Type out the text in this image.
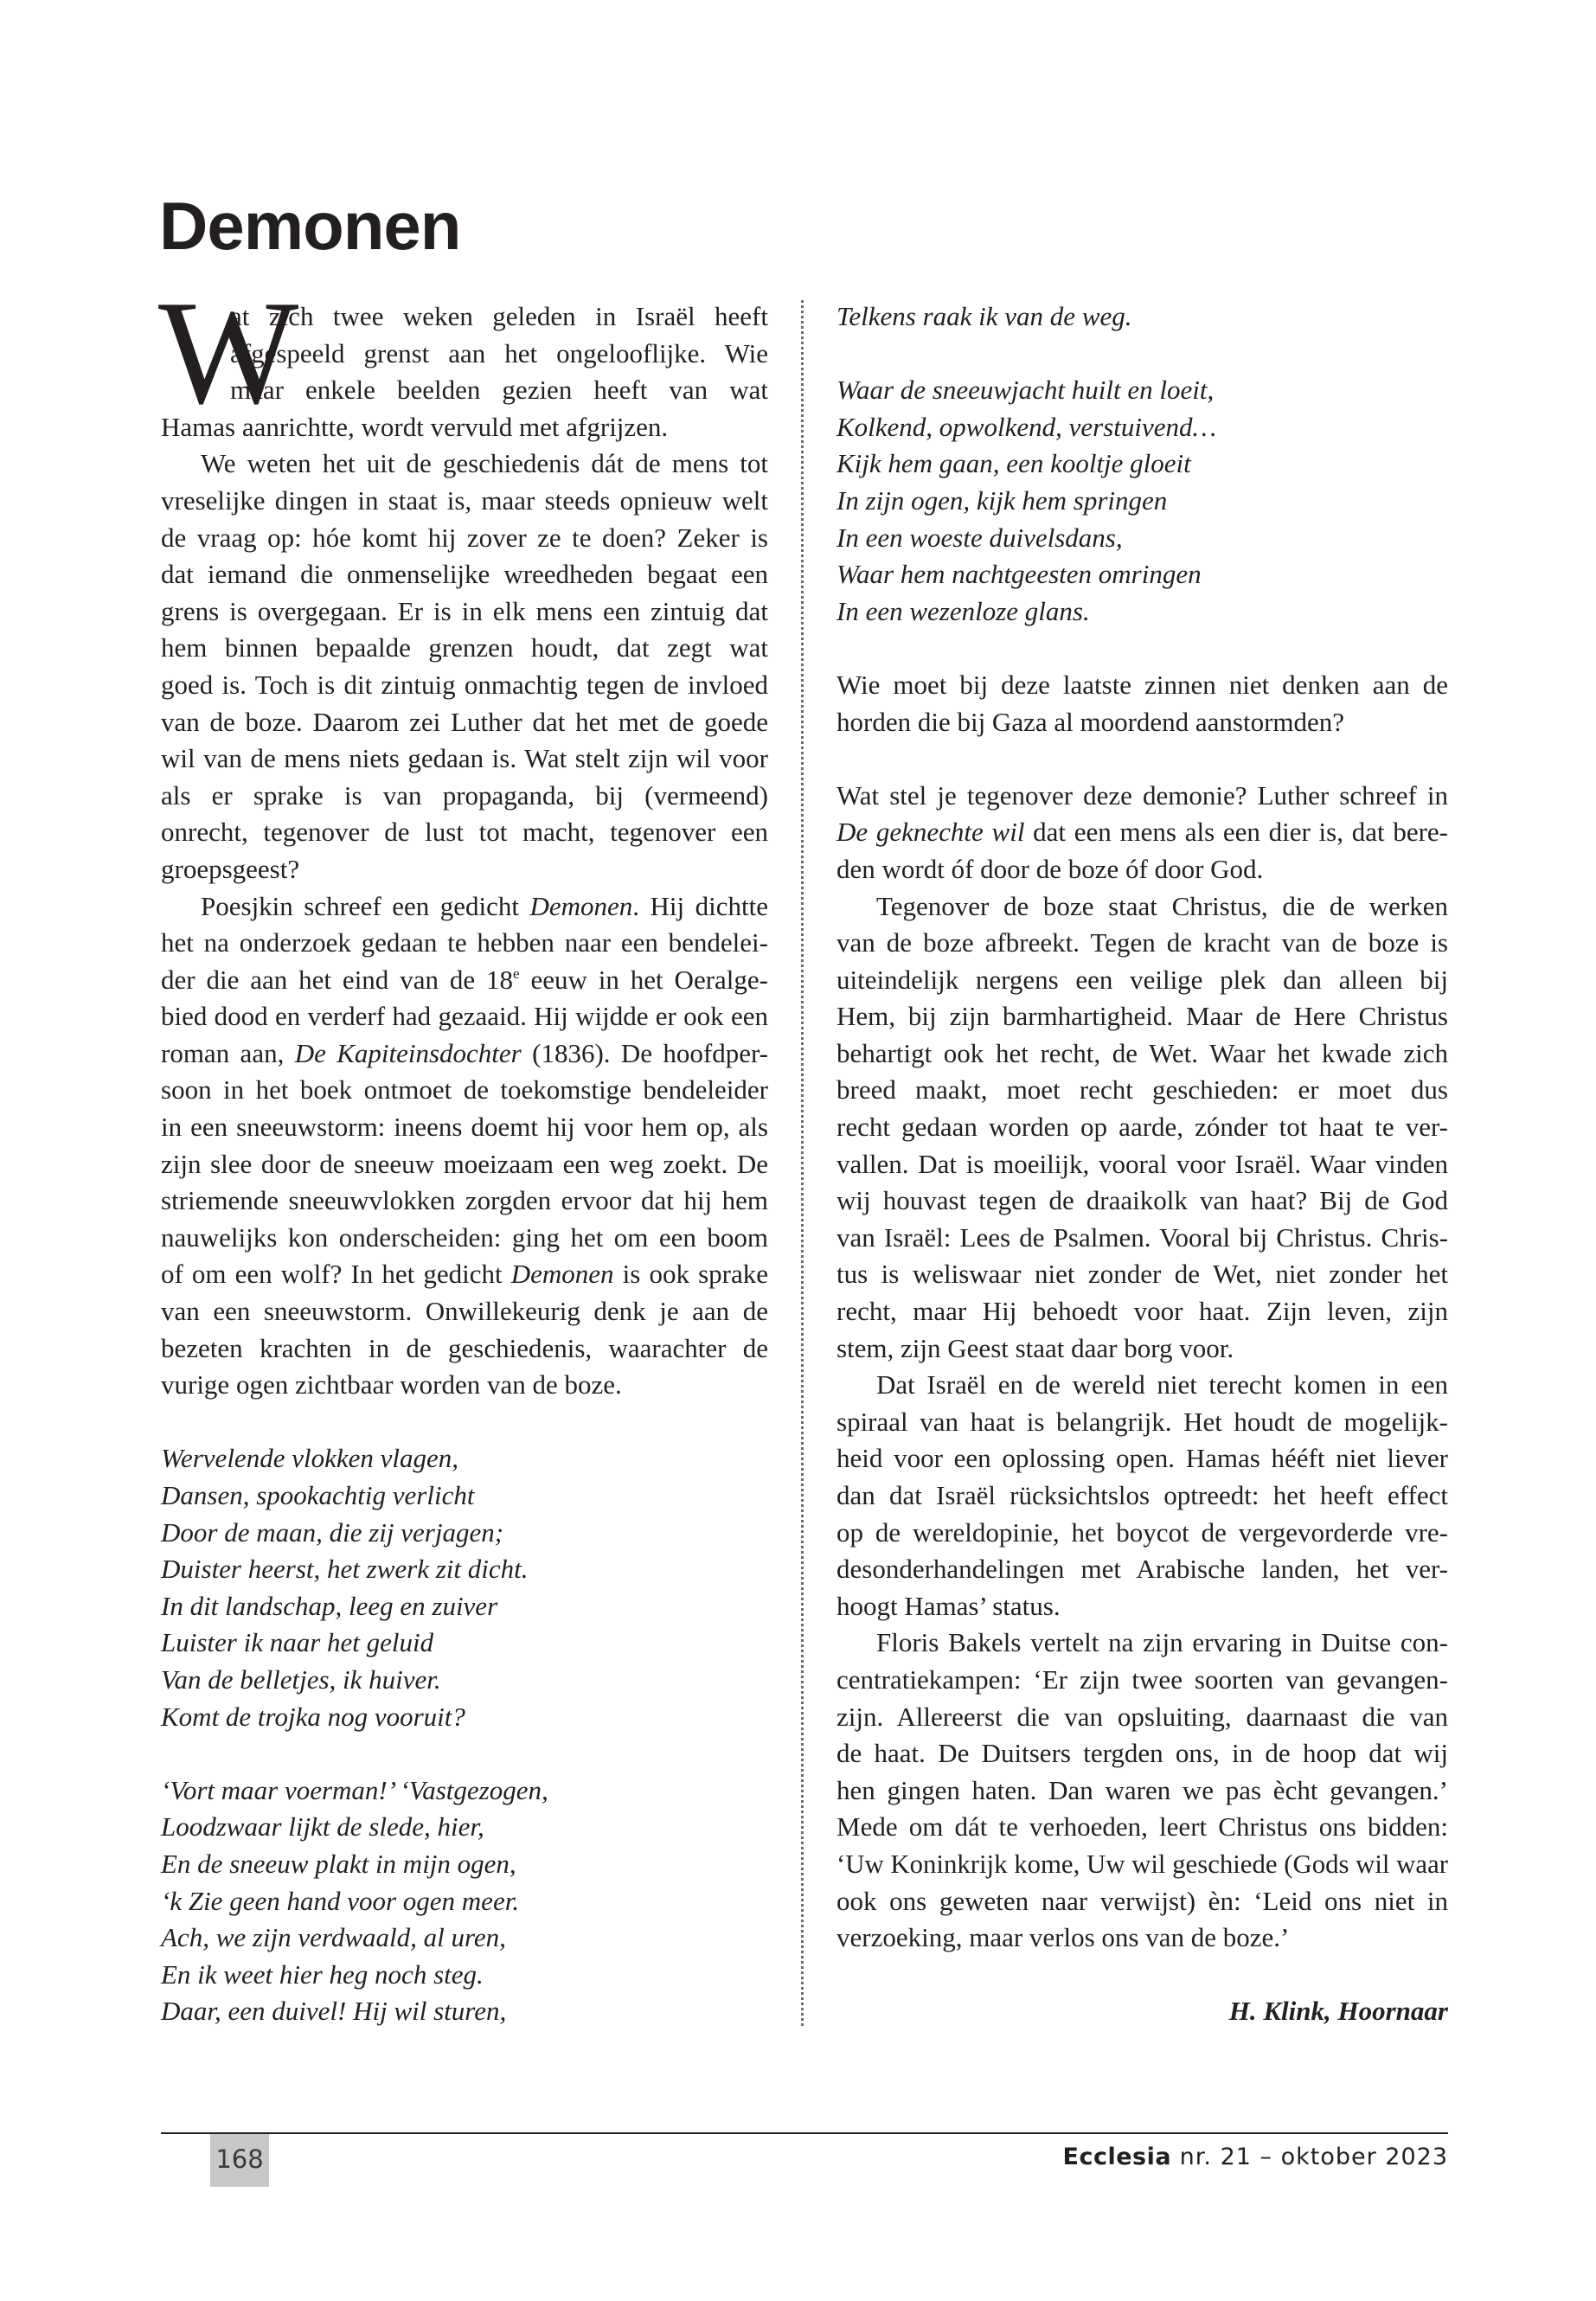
Demonen
W
at zich twee weken geleden in Israël heeft
afgespeeld grenst aan het ongelooflijke. Wie
maar enkele beelden gezien heeft van wat
Hamas aanrichtte, wordt vervuld met afgrijzen.
We weten het uit de geschiedenis dát de mens tot
vreselijke dingen in staat is, maar steeds opnieuw welt
de vraag op: hóe komt hij zover ze te doen? Zeker is
dat iemand die onmenselijke wreedheden begaat een
grens is overgegaan. Er is in elk mens een zintuig dat
hem binnen bepaalde grenzen houdt, dat zegt wat
goed is. Toch is dit zintuig onmachtig tegen de invloed
van de boze. Daarom zei Luther dat het met de goede
wil van de mens niets gedaan is. Wat stelt zijn wil voor
als er sprake is van propaganda, bij (vermeend)
onrecht, tegenover de lust tot macht, tegenover een
groepsgeest?
Poesjkin schreef een gedicht Demonen. Hij dichtte
het na onderzoek gedaan te hebben naar een bendelei-
der die aan het eind van de 18e eeuw in het Oeralge-
bied dood en verderf had gezaaid. Hij wijdde er ook een
roman aan, De Kapiteinsdochter (1836). De hoofdper-
soon in het boek ontmoet de toekomstige bendeleider
in een sneeuwstorm: ineens doemt hij voor hem op, als
zijn slee door de sneeuw moeizaam een weg zoekt. De
striemende sneeuwvlokken zorgden ervoor dat hij hem
nauwelijks kon onderscheiden: ging het om een boom
of om een wolf? In het gedicht Demonen is ook sprake
van een sneeuwstorm. Onwillekeurig denk je aan de
bezeten krachten in de geschiedenis, waarachter de
vurige ogen zichtbaar worden van de boze.
Wervelende vlokken vlagen,
Dansen, spookachtig verlicht
Door de maan, die zij verjagen;
Duister heerst, het zwerk zit dicht.
In dit landschap, leeg en zuiver
Luister ik naar het geluid
Van de belletjes, ik huiver.
Komt de trojka nog vooruit?
‘Vort maar voerman!’ ‘Vastgezogen,
Loodzwaar lijkt de slede, hier,
En de sneeuw plakt in mijn ogen,
‘k Zie geen hand voor ogen meer.
Ach, we zijn verdwaald, al uren,
En ik weet hier heg noch steg.
Daar, een duivel! Hij wil sturen,
Telkens raak ik van de weg.
Waar de sneeuwjacht huilt en loeit,
Kolkend, opwolkend, verstuivend…
Kijk hem gaan, een kooltje gloeit
In zijn ogen, kijk hem springen
In een woeste duivelsdans,
Waar hem nachtgeesten omringen
In een wezenloze glans.
Wie moet bij deze laatste zinnen niet denken aan de
horden die bij Gaza al moordend aanstormden?
Wat stel je tegenover deze demonie? Luther schreef in
De geknechte wil dat een mens als een dier is, dat bere-
den wordt óf door de boze óf door God.
Tegenover de boze staat Christus, die de werken
van de boze afbreekt. Tegen de kracht van de boze is
uiteindelijk nergens een veilige plek dan alleen bij
Hem, bij zijn barmhartigheid. Maar de Here Christus
behartigt ook het recht, de Wet. Waar het kwade zich
breed maakt, moet recht geschieden: er moet dus
recht gedaan worden op aarde, zónder tot haat te ver-
vallen. Dat is moeilijk, vooral voor Israël. Waar vinden
wij houvast tegen de draaikolk van haat? Bij de God
van Israël: Lees de Psalmen. Vooral bij Christus. Chris-
tus is weliswaar niet zonder de Wet, niet zonder het
recht, maar Hij behoedt voor haat. Zijn leven, zijn
stem, zijn Geest staat daar borg voor.
Dat Israël en de wereld niet terecht komen in een
spiraal van haat is belangrijk. Het houdt de mogelijk-
heid voor een oplossing open. Hamas hééft niet liever
dan dat Israël rücksichtslos optreedt: het heeft effect
op de wereldopinie, het boycot de vergevorderde vre-
desonderhandelingen met Arabische landen, het ver-
hoogt Hamas’ status.
Floris Bakels vertelt na zijn ervaring in Duitse con-
centratiekampen: ‘Er zijn twee soorten van gevangen-
zijn. Allereerst die van opsluiting, daarnaast die van
de haat. De Duitsers tergden ons, in de hoop dat wij
hen gingen haten. Dan waren we pas ècht gevangen.’
Mede om dát te verhoeden, leert Christus ons bidden:
‘Uw Koninkrijk kome, Uw wil geschiede (Gods wil waar
ook ons geweten naar verwijst) èn: ‘Leid ons niet in
verzoeking, maar verlos ons van de boze.’
H. Klink, Hoornaar
168	Ecclesia nr. 21 – oktober 2023
